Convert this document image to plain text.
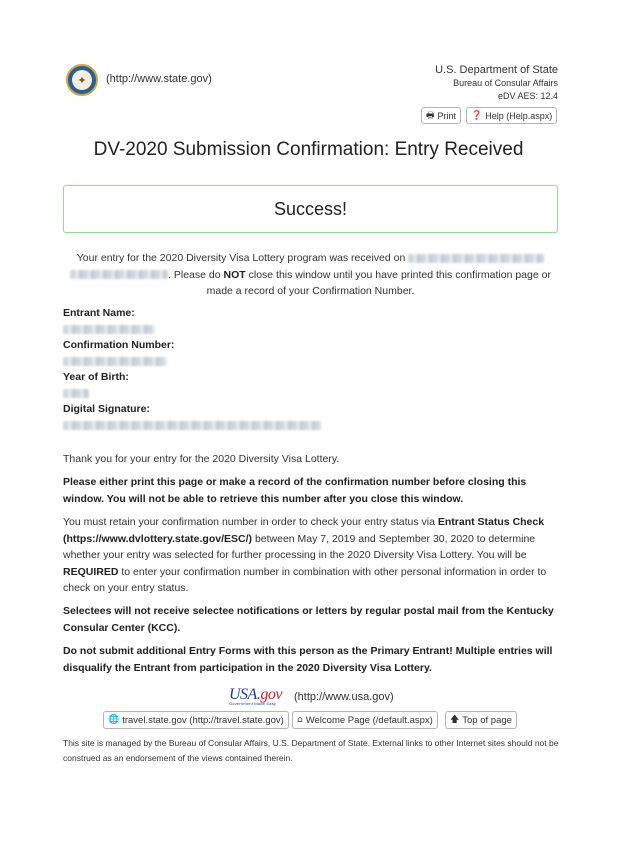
✦	(http://www.state.gov)
U.S. Department of State
Bureau of Consular Affairs
eDV AES: 12.4
🖶 Print ❓ Help (Help.aspx)
DV-2020 Submission Confirmation: Entry Received
Success!
Your entry for the 2020 Diversity Visa Lottery program was received on
. Please do NOT close this window until you have printed this confirmation page or made a record of your Confirmation Number.
Entrant Name:
Confirmation Number:
Year of Birth:
Digital Signature:
Thank you for your entry for the 2020 Diversity Visa Lottery.
Please either print this page or make a record of the confirmation number before closing this window. You will not be able to retrieve this number after you close this window.
You must retain your confirmation number in order to check your entry status via Entrant Status Check (https://www.dvlottery.state.gov/ESC/) between May 7, 2019 and September 30, 2020 to determine whether your entry was selected for further processing in the 2020 Diversity Visa Lottery. You will be REQUIRED to enter your confirmation number in combination with other personal information in order to check on your entry status.
Selectees will not receive selectee notifications or letters by regular postal mail from the Kentucky Consular Center (KCC).
Do not submit additional Entry Forms with this person as the Primary Entrant! Multiple entries will disqualify the Entrant from participation in the 2020 Diversity Visa Lottery.
USA.gov
Government Made Easy
(http://www.usa.gov)
🌐 travel.state.gov (http://travel.state.gov) ⌂ Welcome Page (/default.aspx) 🡅 Top of page
This site is managed by the Bureau of Consular Affairs, U.S. Department of State. External links to other Internet sites should not be construed as an endorsement of the views contained therein.
